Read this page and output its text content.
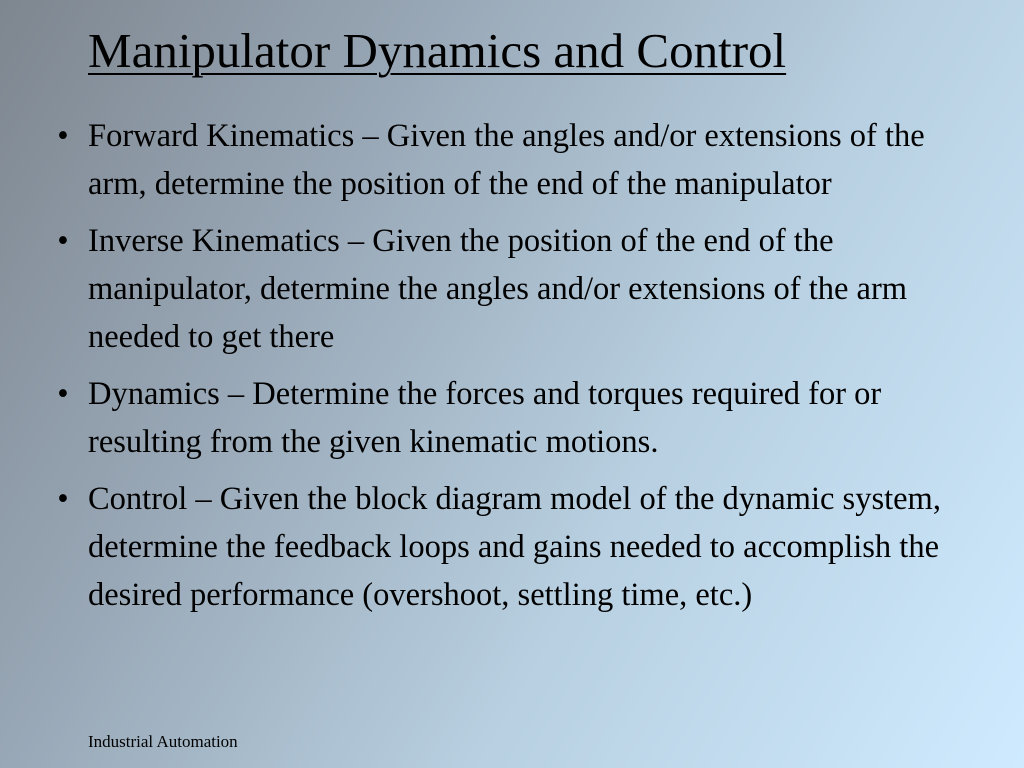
Manipulator Dynamics and Control
• Forward Kinematics – Given the angles and/or extensions of the arm, determine the position of the end of the manipulator
• Inverse Kinematics – Given the position of the end of the manipulator, determine the angles and/or extensions of the arm needed to get there
• Dynamics – Determine the forces and torques required for or resulting from the given kinematic motions.
• Control – Given the block diagram model of the dynamic system, determine the feedback loops and gains needed to accomplish the desired performance (overshoot, settling time, etc.)
Industrial Automation
